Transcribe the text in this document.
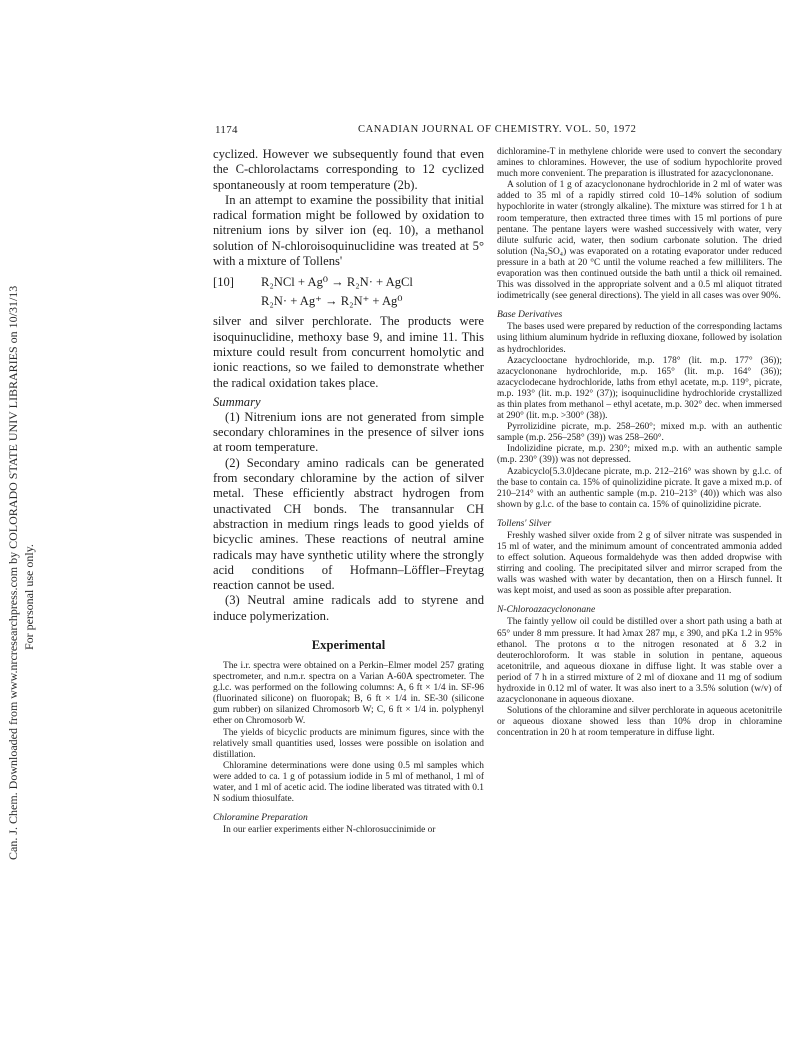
Can. J. Chem. Downloaded from www.nrcresearchpress.com by COLORADO STATE UNIV LIBRARIES on 10/31/13 For personal use only.
1174	CANADIAN JOURNAL OF CHEMISTRY. VOL. 50, 1972

cyclized. However we subsequently found that even the C-chlorolactams corresponding to 12 cyclized spontaneously at room temperature (2b).

In an attempt to examine the possibility that initial radical formation might be followed by oxidation to nitrenium ions by silver ion (eq. 10), a methanol solution of N-chloroisoquinuclidine was treated at 5° with a mixture of Tollens'

[10] R₂NCl + Ag⁰ → R₂N· + AgCl
R₂N· + Ag⁺ → R₂N⁺ + Ag⁰

silver and silver perchlorate. The products were isoquinuclidine, methoxy base 9, and imine 11. This mixture could result from concurrent homolytic and ionic reactions, so we failed to demonstrate whether the radical oxidation takes place.

Summary

(1) Nitrenium ions are not generated from simple secondary chloramines in the presence of silver ions at room temperature.

(2) Secondary amino radicals can be generated from secondary chloramine by the action of silver metal. These efficiently abstract hydrogen from unactivated CH bonds. The transannular CH abstraction in medium rings leads to good yields of bicyclic amines. These reactions of neutral amine radicals may have synthetic utility where the strongly acid conditions of Hofmann–Löffler–Freytag reaction cannot be used.

(3) Neutral amine radicals add to styrene and induce polymerization.

Experimental

The i.r. spectra were obtained on a Perkin–Elmer model 257 grating spectrometer, and n.m.r. spectra on a Varian A-60A spectrometer. The g.l.c. was performed on the following columns: A, 6 ft × 1/4 in. SF-96 (fluorinated silicone) on fluoropak; B, 6 ft × 1/4 in. SE-30 (silicone gum rubber) on silanized Chromosorb W; C, 6 ft × 1/4 in. polyphenyl ether on Chromosorb W.

The yields of bicyclic products are minimum figures, since with the relatively small quantities used, losses were possible on isolation and distillation.

Chloramine determinations were done using 0.5 ml samples which were added to ca. 1 g of potassium iodide in 5 ml of methanol, 1 ml of water, and 1 ml of acetic acid. The iodine liberated was titrated with 0.1 N sodium thiosulfate.

Chloramine Preparation

In our earlier experiments either N-chlorosuccinimide or

dichloramine-T in methylene chloride were used to convert the secondary amines to chloramines. However, the use of sodium hypochlorite proved much more convenient. The preparation is illustrated for azacyclononane.

A solution of 1 g of azacyclononane hydrochloride in 2 ml of water was added to 35 ml of a rapidly stirred cold 10–14% solution of sodium hypochlorite in water (strongly alkaline). The mixture was stirred for 1 h at room temperature, then extracted three times with 15 ml portions of pure pentane. The pentane layers were washed successively with water, very dilute sulfuric acid, water, then sodium carbonate solution. The dried solution (Na₂SO₄) was evaporated on a rotating evaporator under reduced pressure in a bath at 20 °C until the volume reached a few milliliters. The evaporation was then continued outside the bath until a thick oil remained. This was dissolved in the appropriate solvent and a 0.5 ml aliquot titrated iodimetrically (see general directions). The yield in all cases was over 90%.

Base Derivatives

The bases used were prepared by reduction of the corresponding lactams using lithium aluminum hydride in refluxing dioxane, followed by isolation as hydrochlorides.

Azacyclooctane hydrochloride, m.p. 178° (lit. m.p. 177° (36)); azacyclononane hydrochloride, m.p. 165° (lit. m.p. 164° (36)); azacyclodecane hydrochloride, laths from ethyl acetate, m.p. 119°, picrate, m.p. 193° (lit. m.p. 192° (37)); isoquinuclidine hydrochloride crystallized as thin plates from methanol – ethyl acetate, m.p. 302° dec. when immersed at 290° (lit. m.p. >300° (38)).

Pyrrolizidine picrate, m.p. 258–260°; mixed m.p. with an authentic sample (m.p. 256–258° (39)) was 258–260°.

Indolizidine picrate, m.p. 230°; mixed m.p. with an authentic sample (m.p. 230° (39)) was not depressed.

Azabicyclo[5.3.0]decane picrate, m.p. 212–216° was shown by g.l.c. of the base to contain ca. 15% of quinolizidine picrate. It gave a mixed m.p. of 210–214° with an authentic sample (m.p. 210–213° (40)) which was also shown by g.l.c. of the base to contain ca. 15% of quinolizidine picrate.

Tollens' Silver

Freshly washed silver oxide from 2 g of silver nitrate was suspended in 15 ml of water, and the minimum amount of concentrated ammonia added to effect solution. Aqueous formaldehyde was then added dropwise with stirring and cooling. The precipitated silver and mirror scraped from the walls was washed with water by decantation, then on a Hirsch funnel. It was kept moist, and used as soon as possible after preparation.

N-Chloroazacyclononane

The faintly yellow oil could be distilled over a short path using a bath at 65° under 8 mm pressure. It had λmax 287 mμ, ε 390, and pKa 1.2 in 95% ethanol. The protons α to the nitrogen resonated at δ 3.2 in deuterochloroform. It was stable in solution in pentane, aqueous acetonitrile, and aqueous dioxane in diffuse light. It was stable over a period of 7 h in a stirred mixture of 2 ml of dioxane and 11 mg of sodium hydroxide in 0.12 ml of water. It was also inert to a 3.5% solution (w/v) of azacyclononane in aqueous dioxane.

Solutions of the chloramine and silver perchlorate in aqueous acetonitrile or aqueous dioxane showed less than 10% drop in chloramine concentration in 20 h at room temperature in diffuse light.
